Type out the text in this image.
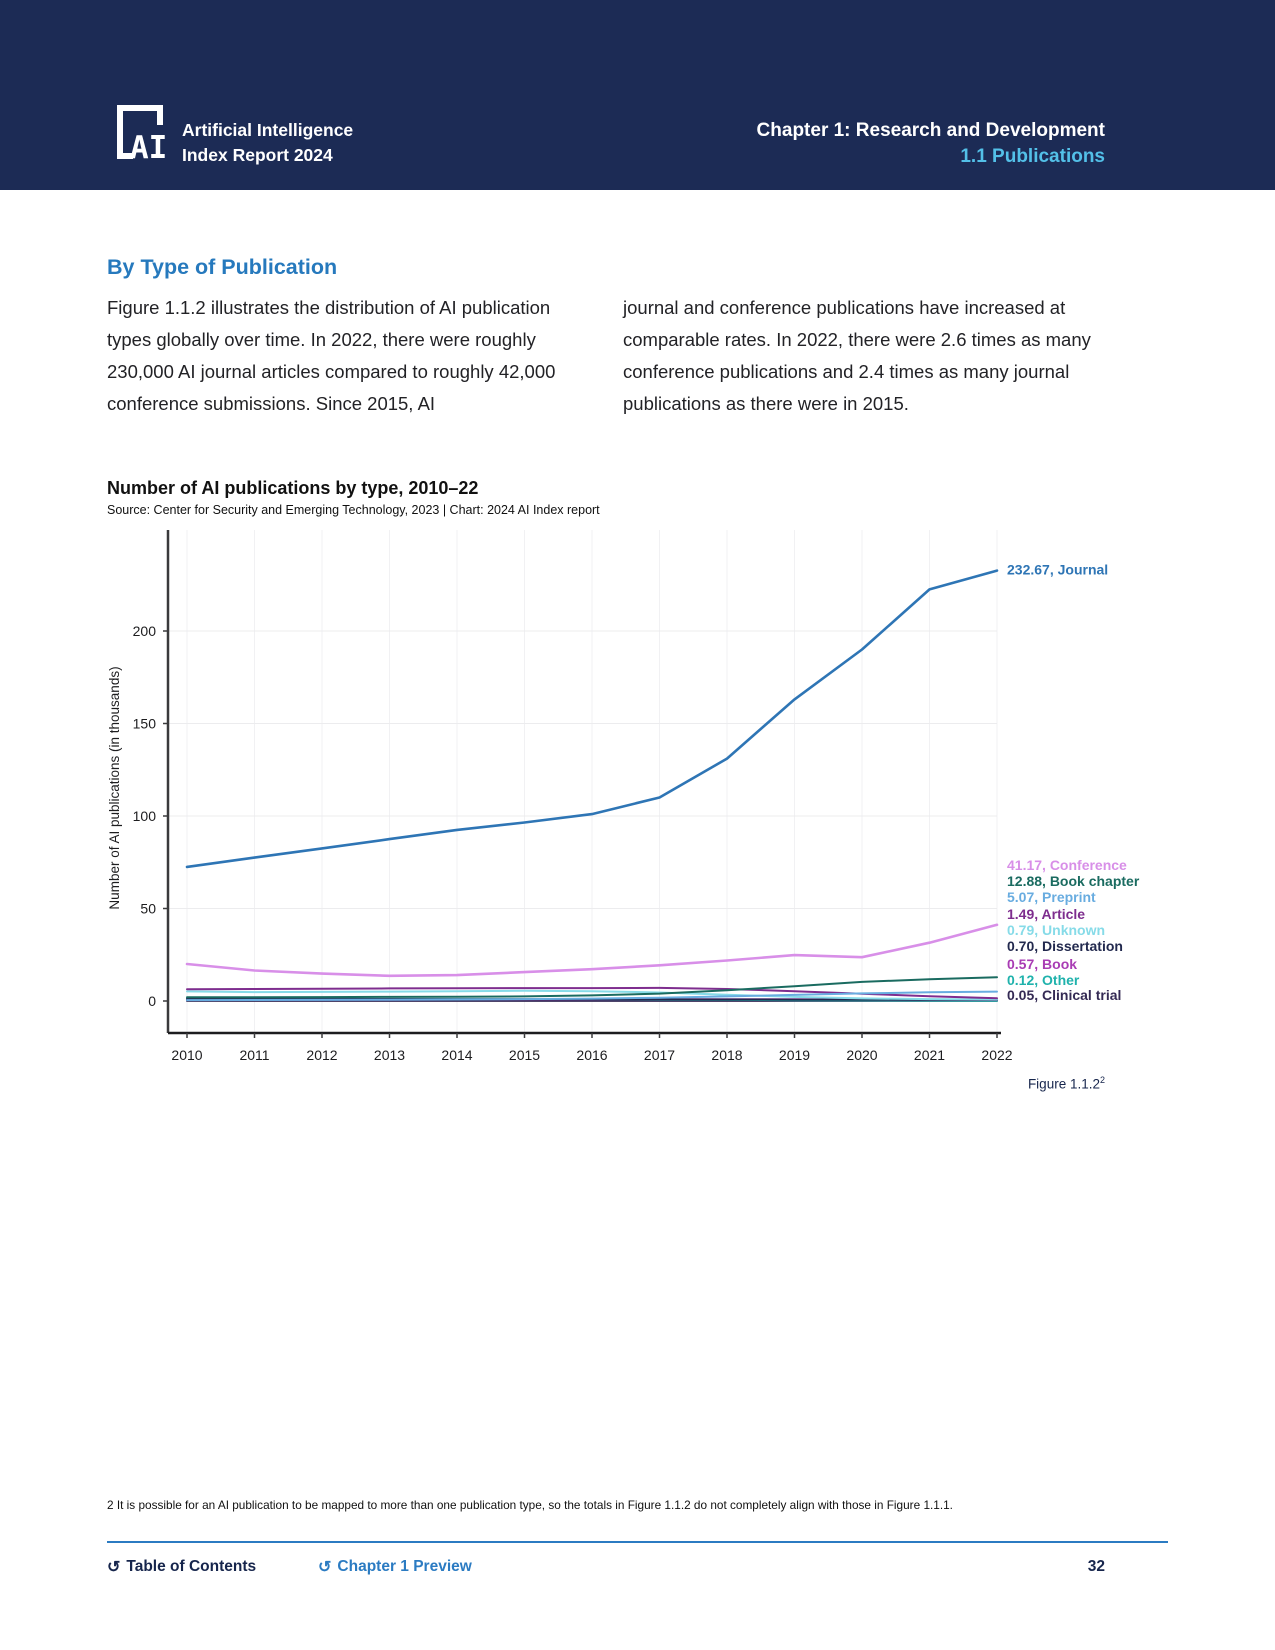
AI Artificial Intelligence
Index Report 2024
Chapter 1: Research and Development
1.1 Publications
By Type of Publication
Figure 1.1.2 illustrates the distribution of AI publication types globally over time. In 2022, there were roughly 230,000 AI journal articles compared to roughly 42,000 conference submissions. Since 2015, AI
journal and conference publications have increased at comparable rates. In 2022, there were 2.6 times as many conference publications and 2.4 times as many journal publications as there were in 2015.
Number of AI publications by type, 2010–22
Source: Center for Security and Emerging Technology, 2023 | Chart: 2024 AI Index report
0
50
100
150
200
2010	2011	2012	2013	2014	2015	2016	2017	2018	2019	2020	2021	2022
Number of AI publications (in thousands)
232.67, Journal
41.17, Conference
12.88, Book chapter
5.07, Preprint
1.49, Article
0.79, Unknown
0.70, Dissertation
0.57, Book
0.12, Other
0.05, Clinical trial
Figure 1.1.2$^2$
2 It is possible for an AI publication to be mapped to more than one publication type, so the totals in Figure 1.1.2 do not completely align with those in Figure 1.1.1.
↺ Table of Contents	↺ Chapter 1 Preview	32
